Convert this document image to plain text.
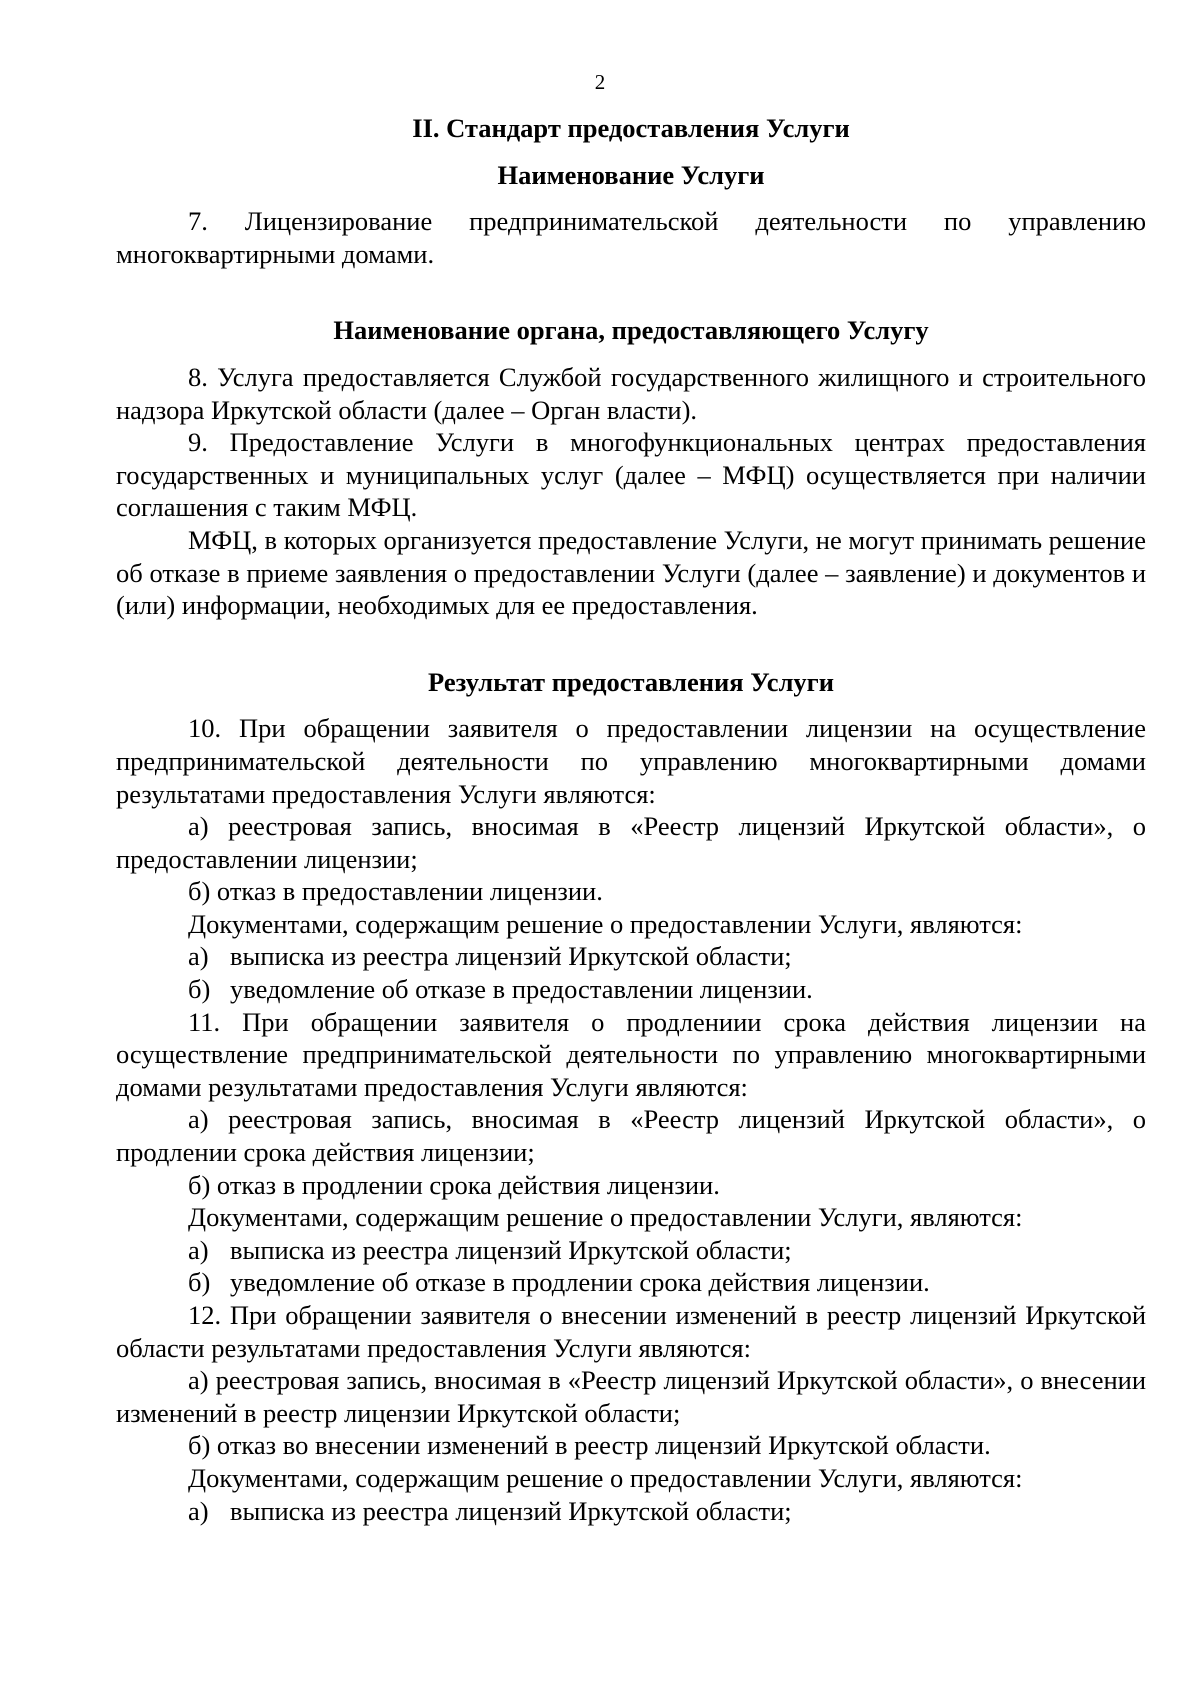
2
II. Стандарт предоставления Услуги
Наименование Услуги

7. Лицензирование предпринимательской деятельности по управлению многоквартирными домами.

Наименование органа, предоставляющего Услугу

8. Услуга предоставляется Службой государственного жилищного и строительного надзора Иркутской области (далее – Орган власти).

9. Предоставление Услуги в многофункциональных центрах предоставления государственных и муниципальных услуг (далее – МФЦ) осуществляется при наличии соглашения с таким МФЦ.

МФЦ, в которых организуется предоставление Услуги, не могут принимать решение об отказе в приеме заявления о предоставлении Услуги (далее – заявление) и документов и (или) информации, необходимых для ее предоставления.

Результат предоставления Услуги

10. При обращении заявителя о предоставлении лицензии на осуществление предпринимательской деятельности по управлению многоквартирными домами результатами предоставления Услуги являются:

а) реестровая запись, вносимая в «Реестр лицензий Иркутской области», о предоставлении лицензии;

б) отказ в предоставлении лицензии.

Документами, содержащим решение о предоставлении Услуги, являются:

а) выписка из реестра лицензий Иркутской области;

б) уведомление об отказе в предоставлении лицензии.

11. При обращении заявителя о продлениии срока действия лицензии на осуществление предпринимательской деятельности по управлению многоквартирными домами результатами предоставления Услуги являются:

а) реестровая запись, вносимая в «Реестр лицензий Иркутской области», о продлении срока действия лицензии;

б) отказ в продлении срока действия лицензии.

Документами, содержащим решение о предоставлении Услуги, являются:

а) выписка из реестра лицензий Иркутской области;

б) уведомление об отказе в продлении срока действия лицензии.

12. При обращении заявителя о внесении изменений в реестр лицензий Иркутской области результатами предоставления Услуги являются:

а) реестровая запись, вносимая в «Реестр лицензий Иркутской области», о внесении изменений в реестр лицензии Иркутской области;

б) отказ во внесении изменений в реестр лицензий Иркутской области.

Документами, содержащим решение о предоставлении Услуги, являются:

а) выписка из реестра лицензий Иркутской области;
